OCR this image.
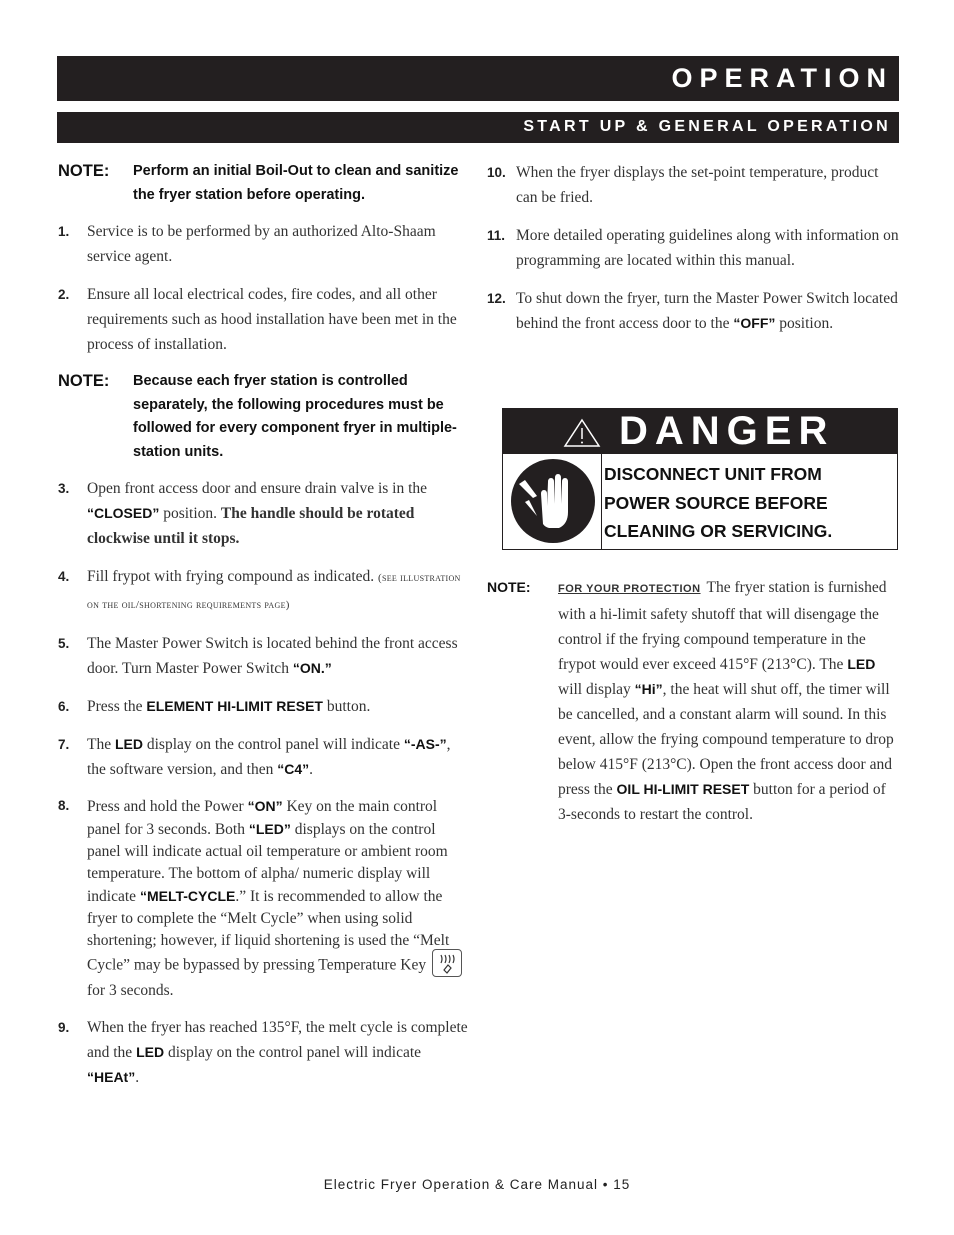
OPERATION
START UP & GENERAL OPERATION
NOTE:	Perform an initial Boil-Out to clean and sanitize the fryer station before operating.
1.	Service is to be performed by an authorized Alto-Shaam service agent.
2.	Ensure all local electrical codes, fire codes, and all other requirements such as hood installation have been met in the process of installation.
NOTE:	Because each fryer station is controlled separately, the following procedures must be followed for every component fryer in multiple-station units.
3.	Open front access door and ensure drain valve is in the “CLOSED” position. The handle should be rotated clockwise until it stops.
4.	Fill frypot with frying compound as indicated. (see illustration on the oil/shortening requirements page)
5.	The Master Power Switch is located behind the front access door. Turn Master Power Switch “ON.”
6.	Press the ELEMENT HI-LIMIT RESET button.
7.	The LED display on the control panel will indicate “-AS-”, the software version, and then “C4”.
8.	Press and hold the Power “ON” Key on the main control panel for 3 seconds. Both “LED” displays on the control panel will indicate actual oil temperature or ambient room temperature. The bottom of alpha/ numeric display will indicate “MELT-CYCLE.” It is recommended to allow the fryer to complete the “Melt Cycle” when using solid shortening; however, if liquid shortening is used the “Melt Cycle” may be bypassed by pressing Temperature Keyfor 3 seconds.
9.	When the fryer has reached 135°F, the melt cycle is complete and the LED display on the control panel will indicate “HEAt”.
10. When the fryer displays the set-point temperature, product can be fried.
11. More detailed operating guidelines along with information on programming are located within this manual.
12. To shut down the fryer, turn the Master Power Switch located behind the front access door to the “OFF” position.
DANGER
DISCONNECT UNIT FROM
POWER SOURCE BEFORE
CLEANING OR SERVICING.
NOTE:	FOR YOUR PROTECTION The fryer station is furnished with a hi-limit safety shutoff that will disengage the control if the frying compound temperature in the frypot would ever exceed 415°F (213°C). The LED will display “Hi”, the heat will shut off, the timer will be cancelled, and a constant alarm will sound. In this event, allow the frying compound temperature to drop below 415°F (213°C). Open the front access door and press the OIL HI-LIMIT RESET button for a period of 3-seconds to restart the control.
Electric Fryer Operation & Care Manual • 15
